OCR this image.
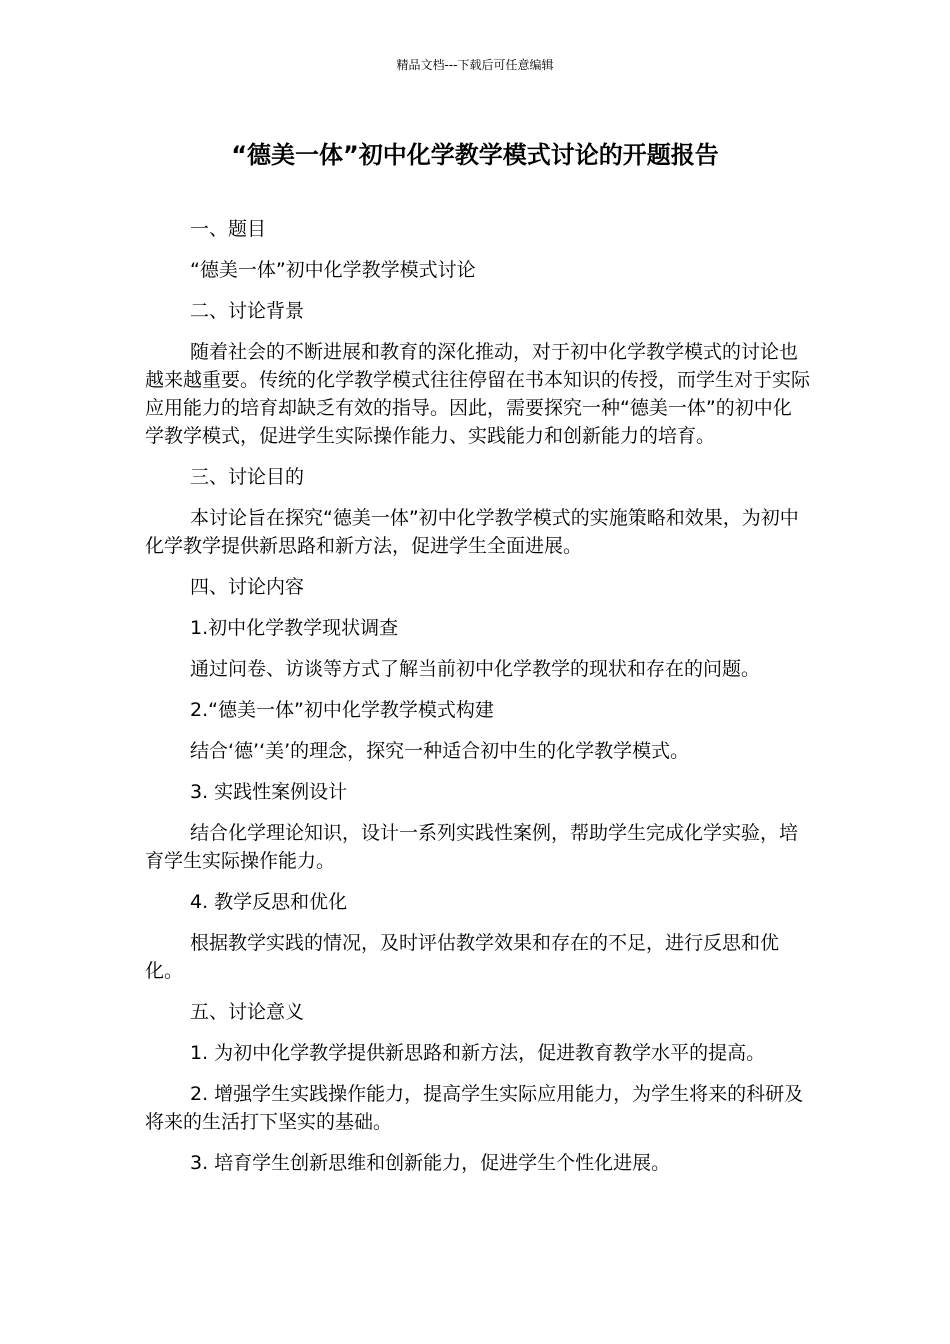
精品文档---下载后可任意编辑
“德美一体”初中化学教学模式讨论的开题报告

一、题目

“德美一体”初中化学教学模式讨论

二、讨论背景

随着社会的不断进展和教育的深化推动，对于初中化学教学模式的讨论也越来越重要。传统的化学教学模式往往停留在书本知识的传授，而学生对于实际应用能力的培育却缺乏有效的指导。因此，需要探究一种“德美一体”的初中化学教学模式，促进学生实际操作能力、实践能力和创新能力的培育。

三、讨论目的

本讨论旨在探究“德美一体”初中化学教学模式的实施策略和效果，为初中化学教学提供新思路和新方法，促进学生全面进展。

四、讨论内容

1.初中化学教学现状调查

通过问卷、访谈等方式了解当前初中化学教学的现状和存在的问题。

2.“德美一体”初中化学教学模式构建

结合‘德’‘美’的理念，探究一种适合初中生的化学教学模式。

3. 实践性案例设计

结合化学理论知识，设计一系列实践性案例，帮助学生完成化学实验，培育学生实际操作能力。

4. 教学反思和优化

根据教学实践的情况，及时评估教学效果和存在的不足，进行反思和优化。

五、讨论意义

1. 为初中化学教学提供新思路和新方法，促进教育教学水平的提高。

2. 增强学生实践操作能力，提高学生实际应用能力，为学生将来的科研及将来的生活打下坚实的基础。

3. 培育学生创新思维和创新能力，促进学生个性化进展。
